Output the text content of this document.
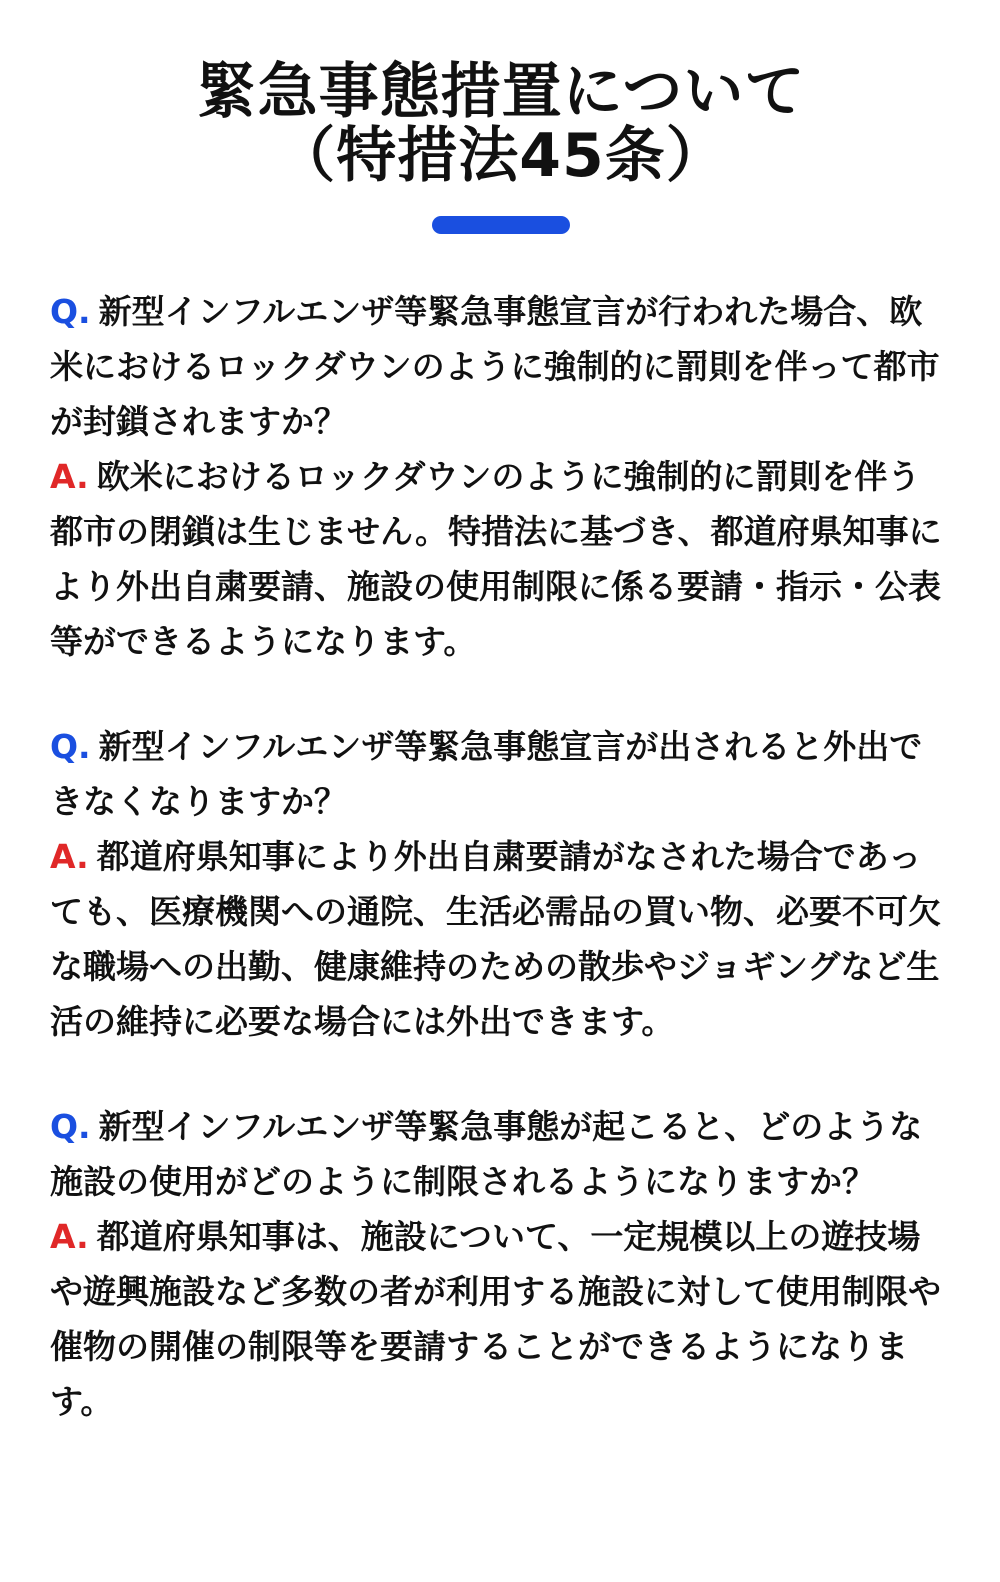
緊急事態措置について
（特措法45条）

Q. 新型インフルエンザ等緊急事態宣言が行われた場合、欧米におけるロックダウンのように強制的に罰則を伴って都市が封鎖されますか？

A. 欧米におけるロックダウンのように強制的に罰則を伴う都市の閉鎖は生じません。特措法に基づき、都道府県知事により外出自粛要請、施設の使用制限に係る要請・指示・公表等ができるようになります。

Q. 新型インフルエンザ等緊急事態宣言が出されると外出できなくなりますか？

A. 都道府県知事により外出自粛要請がなされた場合であっても、医療機関への通院、生活必需品の買い物、必要不可欠な職場への出勤、健康維持のための散歩やジョギングなど生活の維持に必要な場合には外出できます。

Q. 新型インフルエンザ等緊急事態が起こると、どのような施設の使用がどのように制限されるようになりますか？

A. 都道府県知事は、施設について、一定規模以上の遊技場や遊興施設など多数の者が利用する施設に対して使用制限や催物の開催の制限等を要請することができるようになります。
